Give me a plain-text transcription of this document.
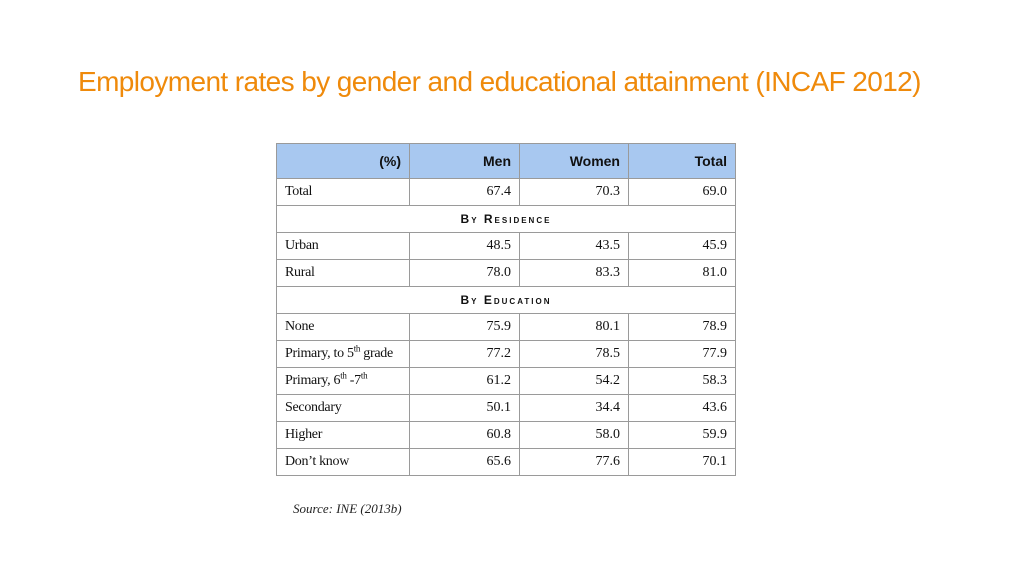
Employment rates by gender and educational attainment (INCAF 2012)
(%)	Men	Women	Total
Total	67.4	70.3	69.0
By Residence			
Urban	48.5	43.5	45.9
Rural	78.0	83.3	81.0
By Education			
None	75.9	80.1	78.9
Primary, to 5th grade	77.2	78.5	77.9
Primary, 6th -7th	61.2	54.2	58.3
Secondary	50.1	34.4	43.6
Higher	60.8	58.0	59.9
Don’t know	65.6	77.6	70.1
Source: INE (2013b)
